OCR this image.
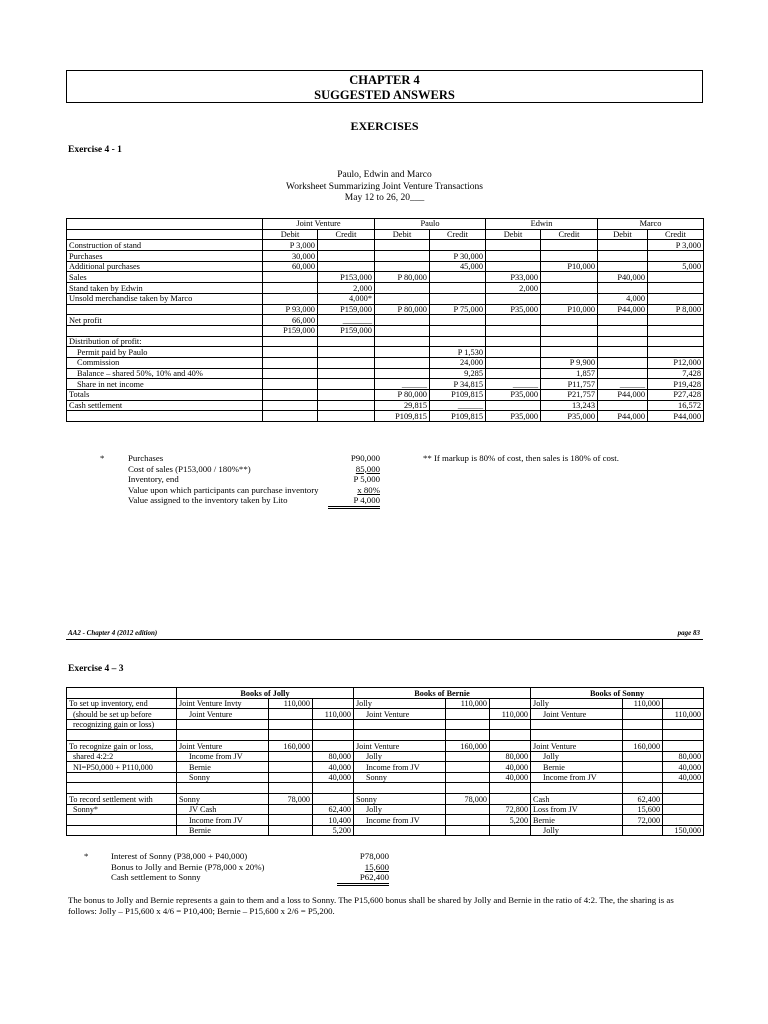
CHAPTER 4
SUGGESTED ANSWERS
EXERCISES
Exercise 4 - 1
Paulo, Edwin and Marco
Worksheet Summarizing Joint Venture Transactions
May 12 to 26, 20___
	Joint Venture		Paulo		Edwin		Marco	
	Debit	Credit	Debit	Credit	Debit	Credit	Debit	Credit
Construction of stand	P 3,000							P 3,000
Purchases	30,000			P 30,000				
Additional purchases	60,000			45,000		P10,000		5,000
Sales		P153,000	P 80,000		P33,000		P40,000	
Stand taken by Edwin		2,000			2,000			
Unsold merchandise taken by Marco		4,000*					4,000	
	P 93,000	P159,000	P 80,000	P 75,000	P35,000	P10,000	P44,000	P 8,000
Net profit	66,000	_______						
	P159,000	P159,000						
Distribution of profit:								
Permit paid by Paulo				P 1,530				
Commission				24,000		P 9,900		P12,000
Balance – shared 50%, 10% and 40%				9,285		1,857		7,428
Share in net income			______	P 34,815	______	P11,757	______	P19,428
Totals			P 80,000	P109,815	P35,000	P21,757	P44,000	P27,428
Cash settlement			29,815	______		13,243		16,572
			P109,815	P109,815	P35,000	P35,000	P44,000	P44,000
*	Purchases	P90,000
Cost of sales (P153,000 / 180%**)	85,000
Inventory, end	P 5,000
Value upon which participants can purchase inventory	x 80%
Value assigned to the inventory taken by Lito	P 4,000
** If markup is 80% of cost, then sales is 180% of cost.
AA2 - Chapter 4 (2012 edition)	page 83
Exercise 4 – 3
	Books of Jolly			Books of Bernie			Books of Sonny		
To set up inventory, end	Joint Venture Invty	110,000		Jolly	110,000		Jolly	110,000	
(should be set up before	Joint Venture		110,000	Joint Venture		110,000	Joint Venture		110,000
recognizing gain or loss)									

To recognize gain or loss,	Joint Venture	160,000		Joint Venture	160,000		Joint Venture	160,000	
shared 4:2:2	Income from JV		80,000	Jolly		80,000	Jolly		80,000
NI=P50,000 + P110,000	Bernie		40,000	Income from JV		40,000	Bernie		40,000
	Sonny		40,000	Sonny		40,000	Income from JV		40,000

To record settlement with	Sonny	78,000		Sonny	78,000		Cash	62,400	
Sonny*	JV Cash		62,400	Jolly		72,800	Loss from JV	15,600	
	Income from JV		10,400	Income from JV		5,200	Bernie	72,000	
	Bernie		5,200				Jolly		150,000
*	Interest of Sonny (P38,000 + P40,000)	P78,000
Bonus to Jolly and Bernie (P78,000 x 20%)	15,600
Cash settlement to Sonny	P62,400
The bonus to Jolly and Bernie represents a gain to them and a loss to Sonny. The P15,600 bonus shall be shared by Jolly and Bernie in the ratio of 4:2. The, the sharing is as follows: Jolly – P15,600 x 4/6 = P10,400; Bernie – P15,600 x 2/6 = P5,200.
